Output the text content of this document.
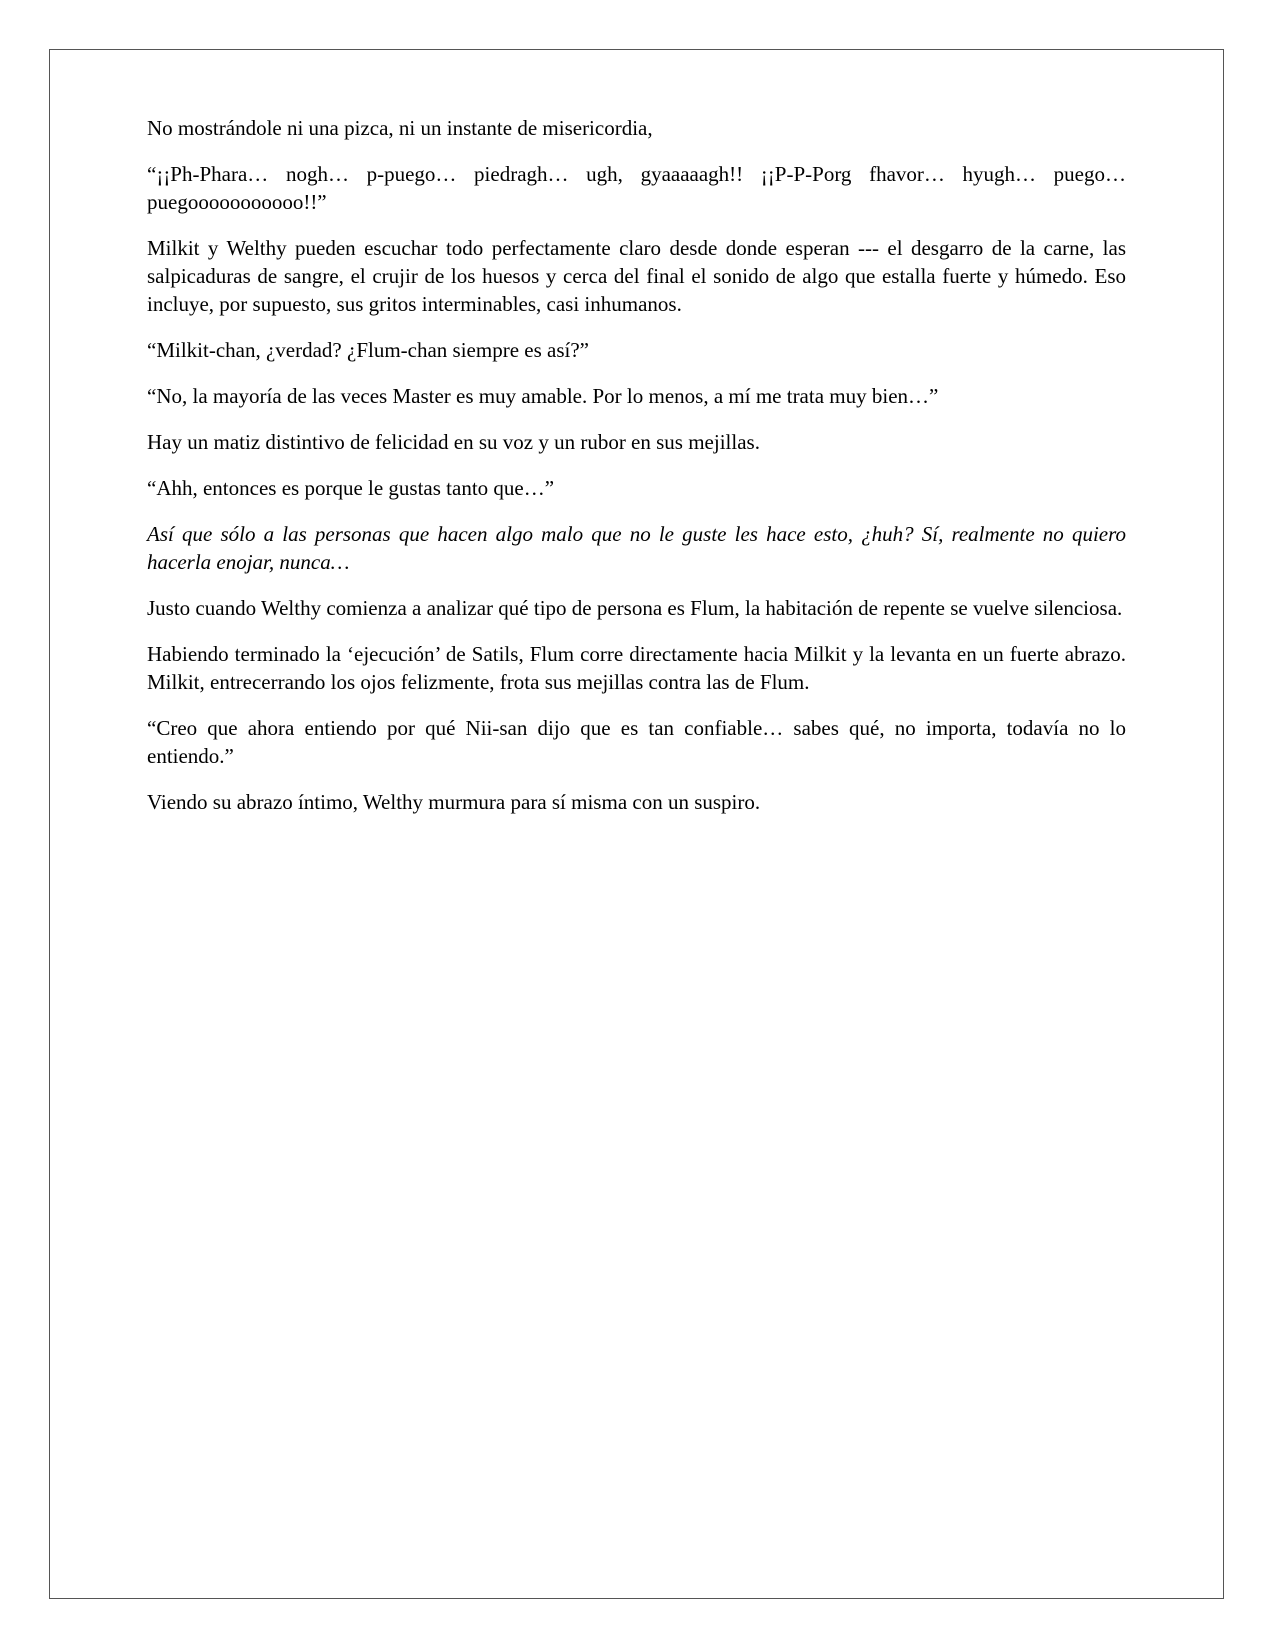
No mostrándole ni una pizca, ni un instante de misericordia,

“¡¡Ph-Phara… nogh… p-puego… piedragh… ugh, gyaaaaagh!! ¡¡P-P-Porg fhavor… hyugh… puego… puegooooooooooo!!”

Milkit y Welthy pueden escuchar todo perfectamente claro desde donde esperan --- el desgarro de la carne, las salpicaduras de sangre, el crujir de los huesos y cerca del final el sonido de algo que estalla fuerte y húmedo. Eso incluye, por supuesto, sus gritos interminables, casi inhumanos.

“Milkit-chan, ¿verdad? ¿Flum-chan siempre es así?”

“No, la mayoría de las veces Master es muy amable. Por lo menos, a mí me trata muy bien…”

Hay un matiz distintivo de felicidad en su voz y un rubor en sus mejillas.

“Ahh, entonces es porque le gustas tanto que…”

Así que sólo a las personas que hacen algo malo que no le guste les hace esto, ¿huh? Sí, realmente no quiero hacerla enojar, nunca…

Justo cuando Welthy comienza a analizar qué tipo de persona es Flum, la habitación de repente se vuelve silenciosa.

Habiendo terminado la ‘ejecución’ de Satils, Flum corre directamente hacia Milkit y la levanta en un fuerte abrazo. Milkit, entrecerrando los ojos felizmente, frota sus mejillas contra las de Flum.

“Creo que ahora entiendo por qué Nii-san dijo que es tan confiable… sabes qué, no importa, todavía no lo entiendo.”

Viendo su abrazo íntimo, Welthy murmura para sí misma con un suspiro.
